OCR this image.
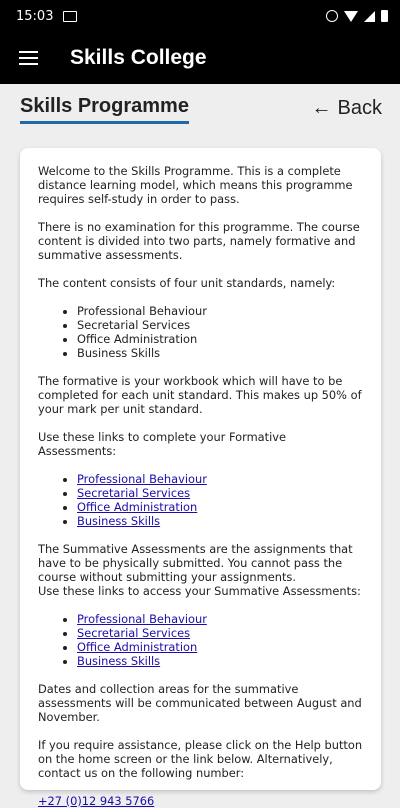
15:03
Skills College
Skills Programme	← Back

Welcome to the Skills Programme. This is a complete distance learning model, which means this programme requires self-study in order to pass.

There is no examination for this programme. The course content is divided into two parts, namely formative and summative assessments.

The content consists of four unit standards, namely:

• Professional Behaviour
• Secretarial Services
• Office Administration
• Business Skills

The formative is your workbook which will have to be completed for each unit standard. This makes up 50% of your mark per unit standard.

Use these links to complete your Formative Assessments:

• Professional Behaviour
• Secretarial Services
• Office Administration
• Business Skills

The Summative Assessments are the assignments that have to be physically submitted. You cannot pass the course without submitting your assignments.

Use these links to access your Summative Assessments:

• Professional Behaviour
• Secretarial Services
• Office Administration
• Business Skills

Dates and collection areas for the summative assessments will be communicated between August and November.

If you require assistance, please click on the Help button on the home screen or the link below. Alternatively, contact us on the following number:

+27 (0)12 943 5766
